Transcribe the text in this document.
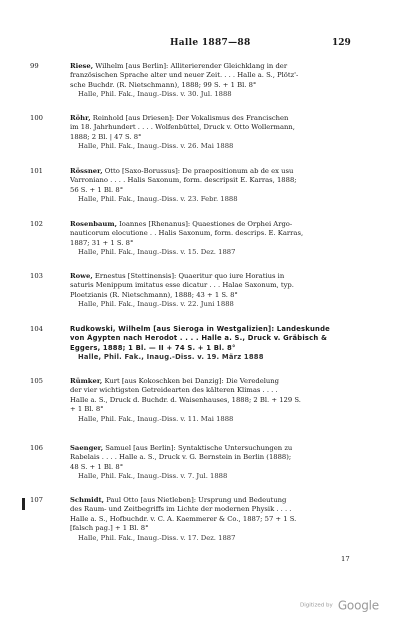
Halle 1887—88	129
99	Riese, Wilhelm [aus Berlin]: Alliterierender Gleichklang in der
französischen Sprache alter und neuer Zeit. . . . Halle a. S., Plötz'-
sche Buchdr. (R. Nietschmann), 1888; 99 S. + 1 Bl. 8°
Halle, Phil. Fak., Inaug.-Diss. v. 30. Jul. 1888
100	Röhr, Reinhold [aus Driesen]: Der Vokalismus des Francischen
im 18. Jahrhundert . . . . Wolfenbüttel, Druck v. Otto Wollermann,
1888; 2 Bl. | 47 S. 8°
Halle, Phil. Fak., Inaug.-Diss. v. 26. Mai 1888
101	Rössner, Otto [Saxo-Borussus]: De praepositionum ab de ex usu
Varroniano . . . . Halis Saxonum, form. descripsit E. Karras, 1888;
56 S. + 1 Bl. 8°
Halle, Phil. Fak., Inaug.-Diss. v. 23. Febr. 1888
102	Rosenbaum, Ioannes [Rhenanus]: Quaestiones de Orphei Argo-
nauticorum elocutione . . Halis Saxonum, form. descrips. E. Karras,
1887; 31 + 1 S. 8°
Halle, Phil. Fak., Inaug.-Diss. v. 15. Dez. 1887
103	Rowe, Ernestus [Stettinensis]: Quaeritur quo iure Horatius in
saturis Menippum imitatus esse dicatur . . . Halae Saxonum, typ.
Ploetzianis (R. Nietschmann), 1888; 43 + 1 S. 8°
Halle, Phil. Fak., Inaug.-Diss. v. 22. Juni 1888
104	Rudkowski, Wilhelm [aus Sieroga in Westgalizien]: Landeskunde
von Ägypten nach Herodot . . . . Halle a. S., Druck v. Gräbisch &
Eggers, 1888; 1 Bl. — II + 74 S. + 1 Bl. 8°
Halle, Phil. Fak., Inaug.-Diss. v. 19. März 1888
105	Rümker, Kurt [aus Kokoschken bei Danzig]: Die Veredelung
der vier wichtigsten Getreidearten des kälteren Klimas . . . .
Halle a. S., Druck d. Buchdr. d. Waisenhauses, 1888; 2 Bl. + 129 S.
+ 1 Bl. 8°
Halle, Phil. Fak., Inaug.-Diss. v. 11. Mai 1888
106	Saenger, Samuel [aus Berlin]: Syntaktische Untersuchungen zu
Rabelais . . . . Halle a. S., Druck v. G. Bernstein in Berlin (1888);
48 S. + 1 Bl. 8°
Halle, Phil. Fak., Inaug.-Diss. v. 7. Jul. 1888
107	Schmidt, Paul Otto [aus Nietleben]: Ursprung und Bedeutung
des Raum- und Zeitbegriffs im Lichte der modernen Physik . . . .
Halle a. S., Hofbuchdr. v. C. A. Kaemmerer & Co., 1887; 57 + 1 S.
[falsch pag.] + 1 Bl. 8°
Halle, Phil. Fak., Inaug.-Diss. v. 17. Dez. 1887
17
Digitized by Google
